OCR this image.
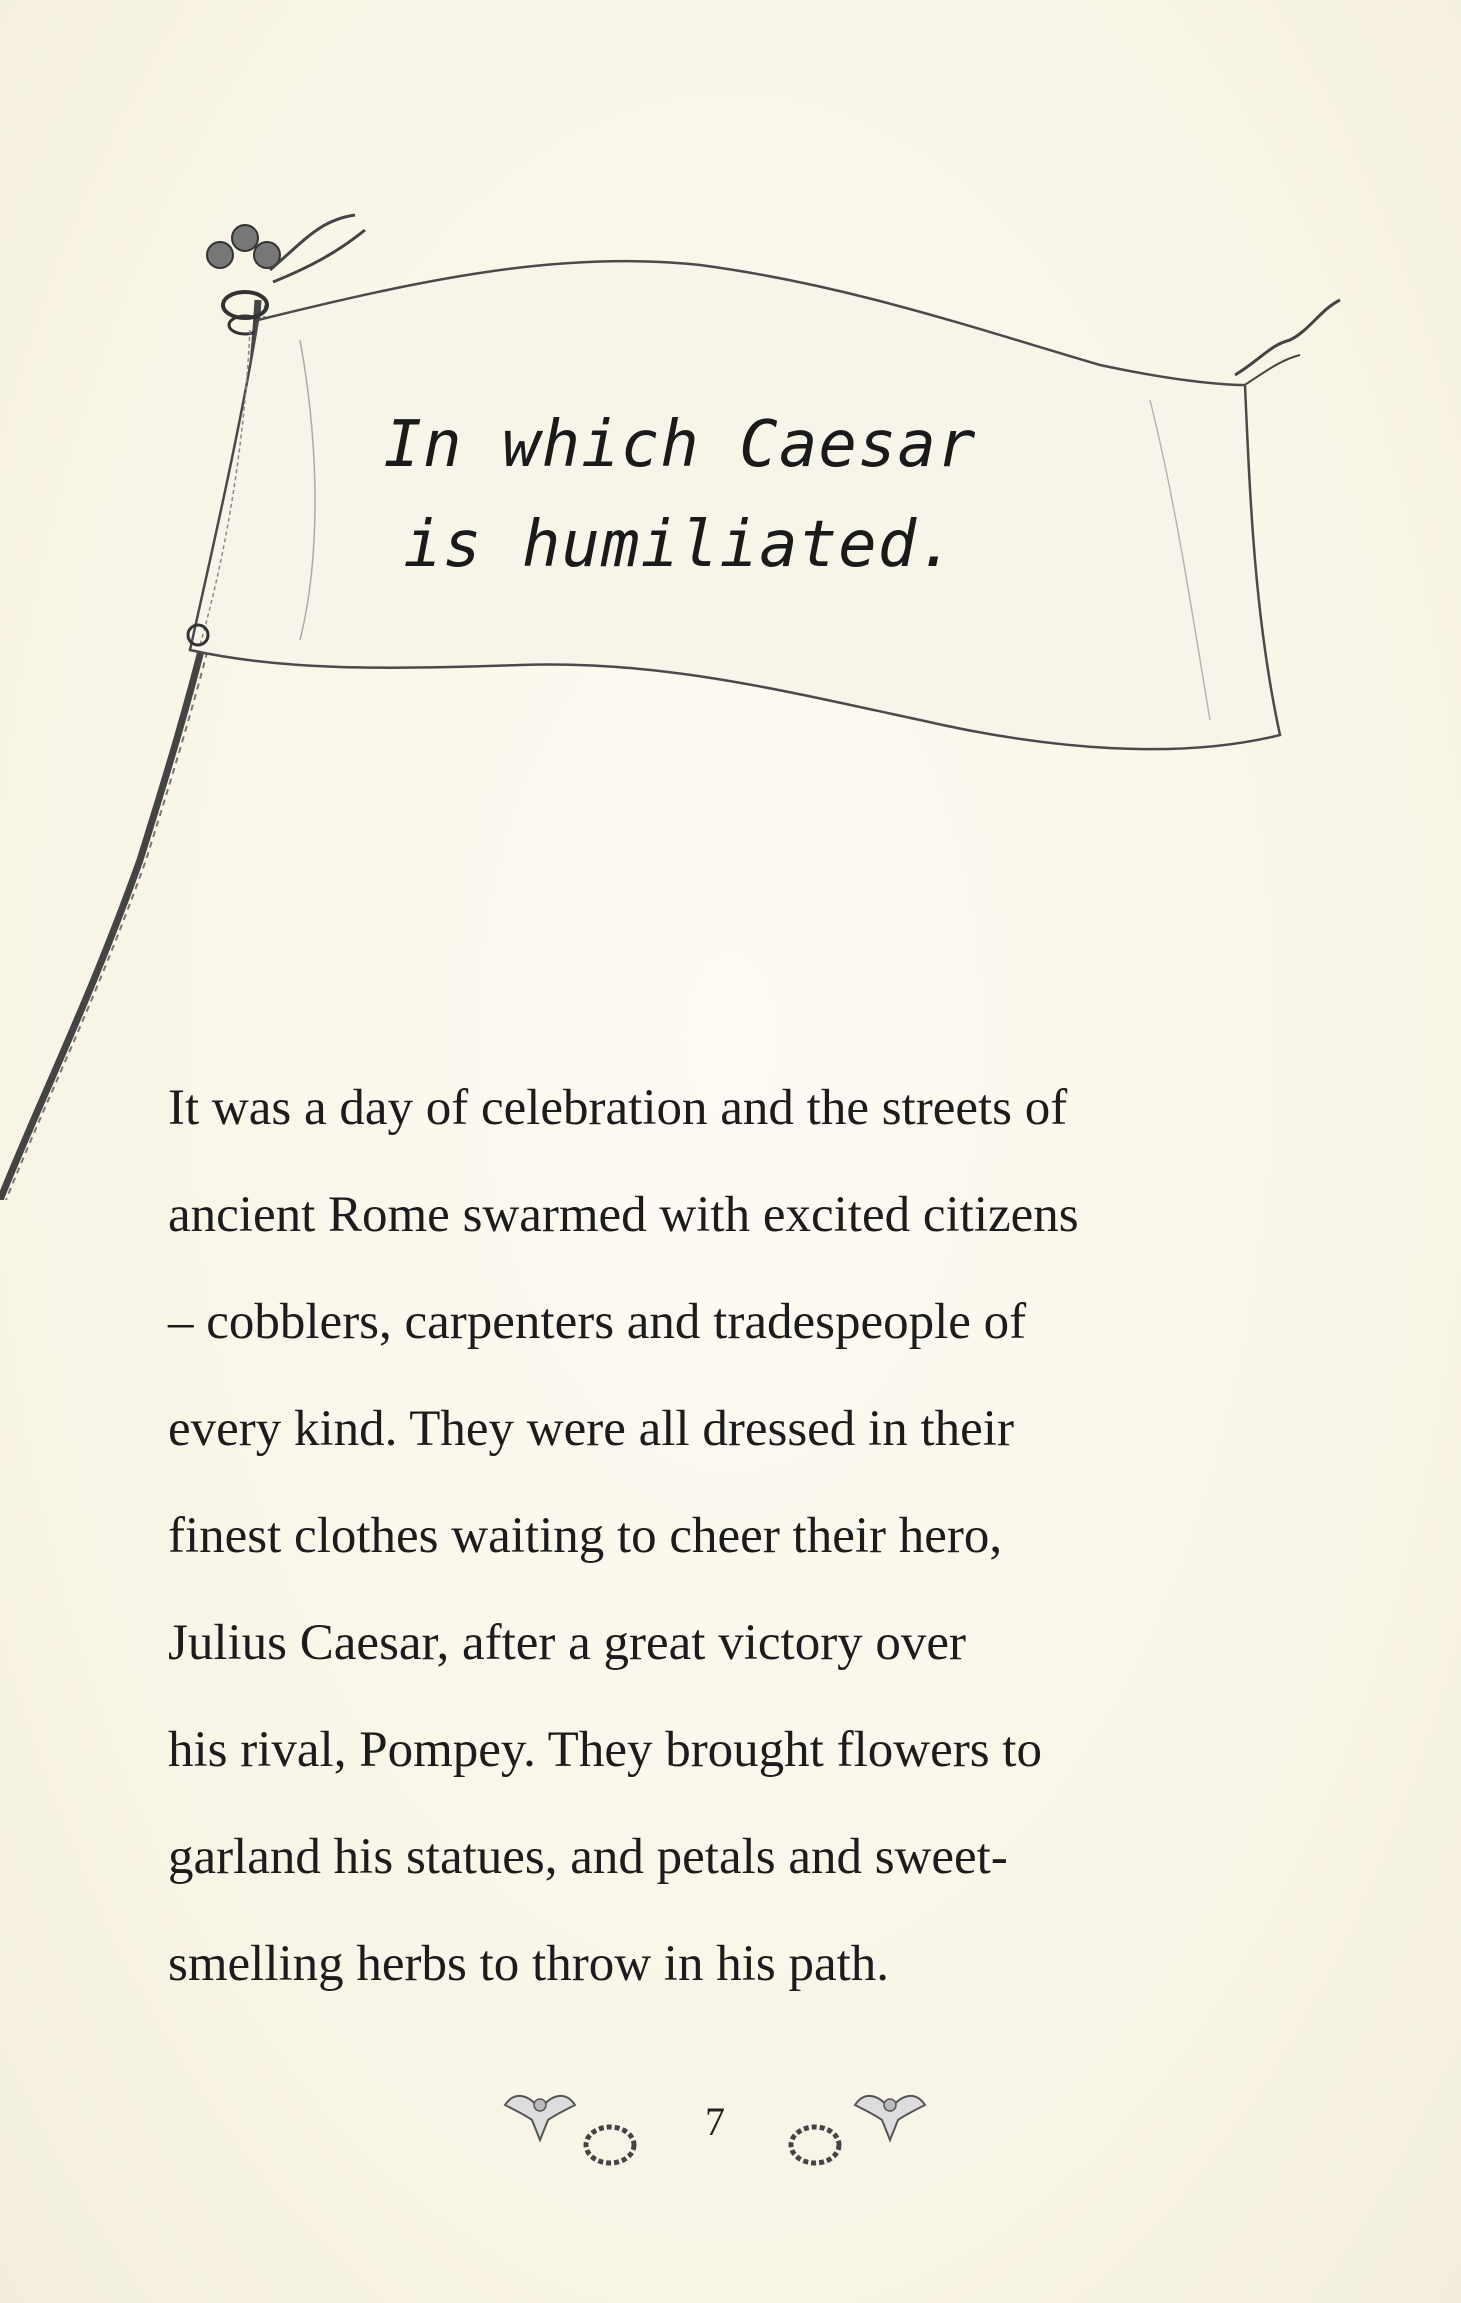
In which Caesar
is humiliated.
It was a day of celebration and the streets of
ancient Rome swarmed with excited citizens
– cobblers, carpenters and tradespeople of
every kind. They were all dressed in their
finest clothes waiting to cheer their hero,
Julius Caesar, after a great victory over
his rival, Pompey. They brought flowers to
garland his statues, and petals and sweet-
smelling herbs to throw in his path.
7
